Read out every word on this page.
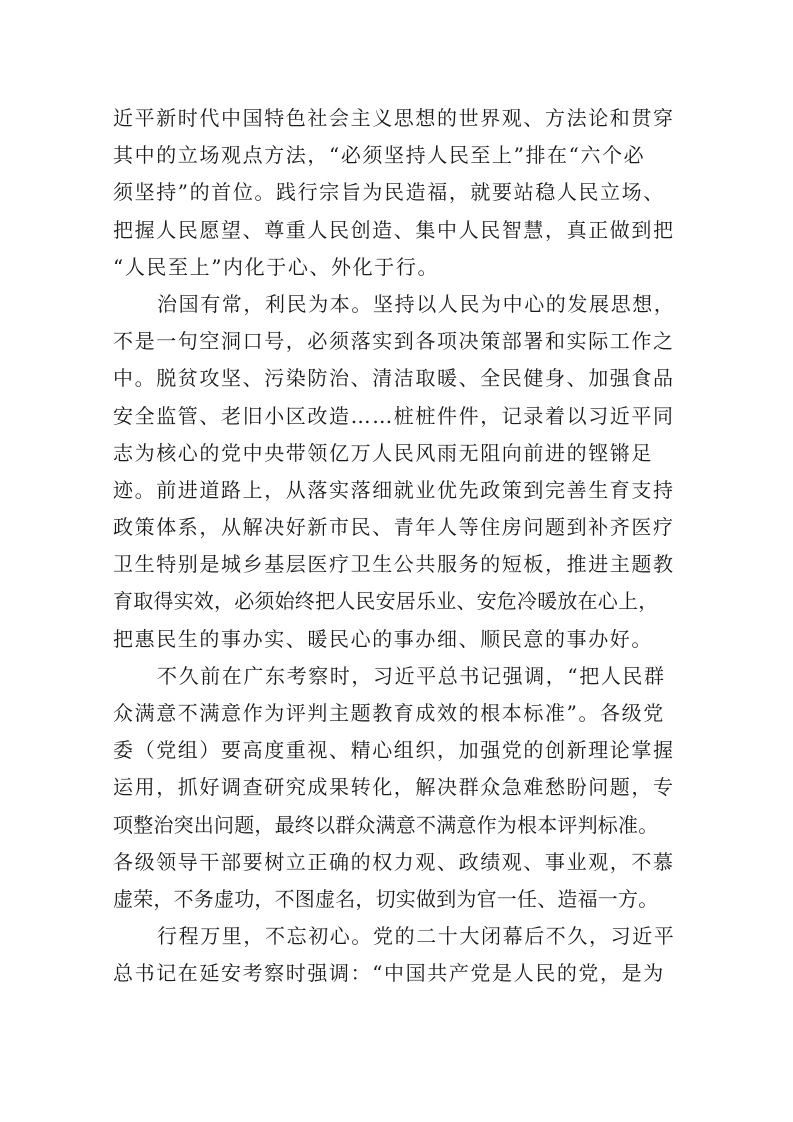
近平新时代中国特色社会主义思想的世界观、方法论和贯穿
其中的立场观点方法，“必须坚持人民至上”排在“六个必
须坚持”的首位。践行宗旨为民造福，就要站稳人民立场、
把握人民愿望、尊重人民创造、集中人民智慧，真正做到把
“人民至上”内化于心、外化于行。
治国有常，利民为本。坚持以人民为中心的发展思想，
不是一句空洞口号，必须落实到各项决策部署和实际工作之
中。脱贫攻坚、污染防治、清洁取暖、全民健身、加强食品
安全监管、老旧小区改造……桩桩件件，记录着以习近平同
志为核心的党中央带领亿万人民风雨无阻向前进的铿锵足
迹。前进道路上，从落实落细就业优先政策到完善生育支持
政策体系，从解决好新市民、青年人等住房问题到补齐医疗
卫生特别是城乡基层医疗卫生公共服务的短板，推进主题教
育取得实效，必须始终把人民安居乐业、安危冷暖放在心上，
把惠民生的事办实、暖民心的事办细、顺民意的事办好。
不久前在广东考察时，习近平总书记强调，“把人民群
众满意不满意作为评判主题教育成效的根本标准”。各级党
委（党组）要高度重视、精心组织，加强党的创新理论掌握
运用，抓好调查研究成果转化，解决群众急难愁盼问题，专
项整治突出问题，最终以群众满意不满意作为根本评判标准。
各级领导干部要树立正确的权力观、政绩观、事业观，不慕
虚荣，不务虚功，不图虚名，切实做到为官一任、造福一方。
行程万里，不忘初心。党的二十大闭幕后不久，习近平
总书记在延安考察时强调：“中国共产党是人民的党，是为
